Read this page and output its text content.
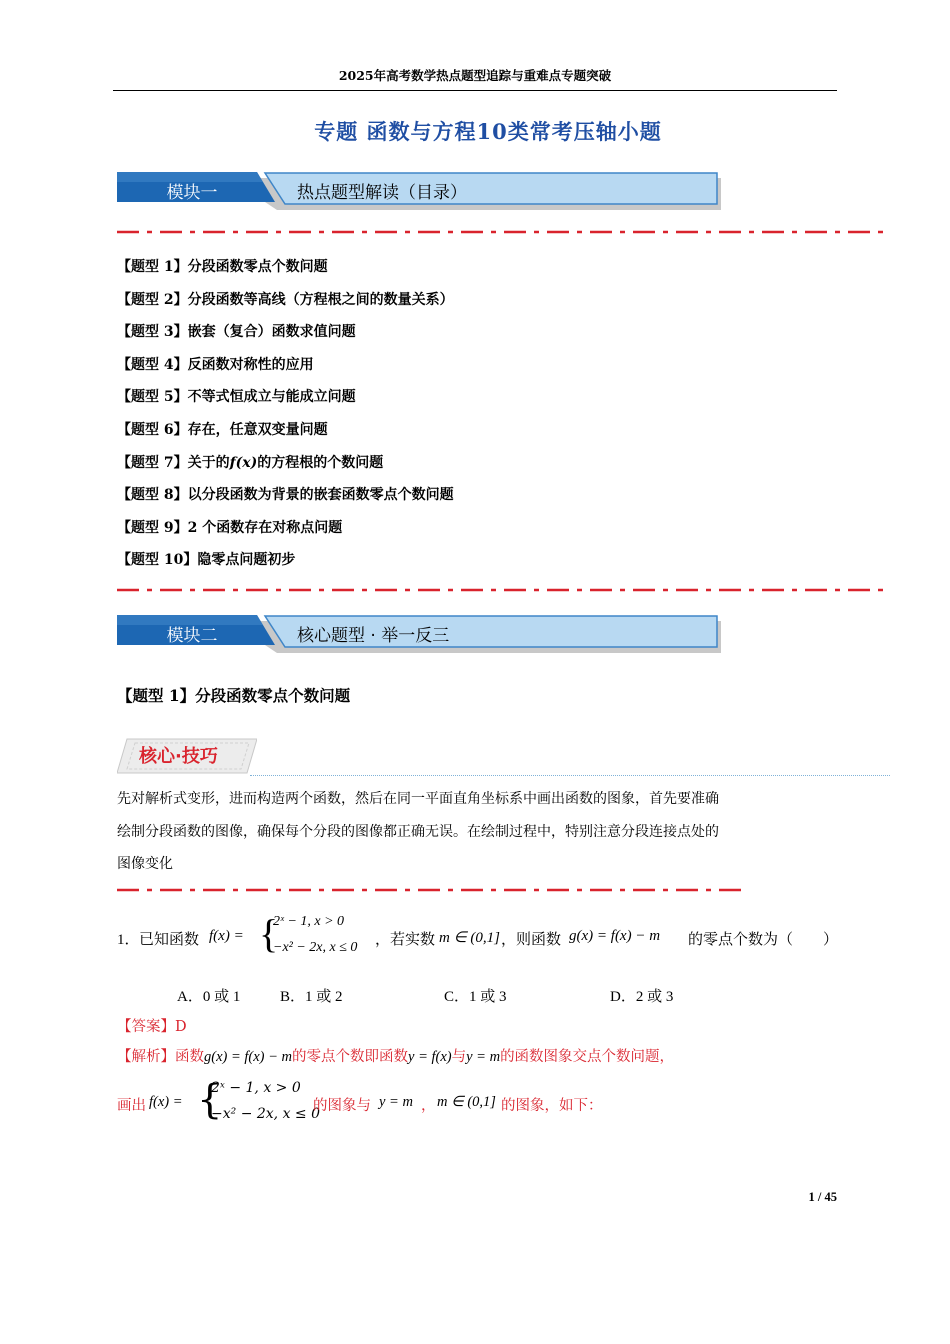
2025年高考数学热点题型追踪与重难点专题突破
专题 函数与方程10类常考压轴小题
模块一	热点题型解读（目录）
【题型 1】分段函数零点个数问题
【题型 2】分段函数等高线（方程根之间的数量关系）
【题型 3】嵌套（复合）函数求值问题
【题型 4】反函数对称性的应用
【题型 5】不等式恒成立与能成立问题
【题型 6】存在，任意双变量问题
【题型 7】关于的f(x)的方程根的个数问题
【题型 8】以分段函数为背景的嵌套函数零点个数问题
【题型 9】2 个函数存在对称点问题
【题型 10】隐零点问题初步
模块二	核心题型 · 举一反三
【题型 1】分段函数零点个数问题
核心·技巧
先对解析式变形，进而构造两个函数，然后在同一平面直角坐标系中画出函数的图象，首先要准确
绘制分段函数的图像，确保每个分段的图像都正确无误。在绘制过程中，特别注意分段连接点处的
图像变化
1． 已知函数 f(x) = {
2ˣ − 1, x > 0
−x² − 2x, x ≤ 0 ，若实数 m ∈ (0,1] ，则函数 g(x) = f(x) − m 的零点个数为（　　）
A．0 或 1	B．1 或 2	C．1 或 3	D．2 或 3
【答案】D
【解析】函数g(x) = f(x) − m的零点个数即函数y = f(x)与y = m的函数图象交点个数问题，
画出 f(x) = {
2ˣ − 1, x > 0
−x² − 2x, x ≤ 0
的图象与 y = m ， m ∈ (0,1] 的图象，如下：
1 / 45
